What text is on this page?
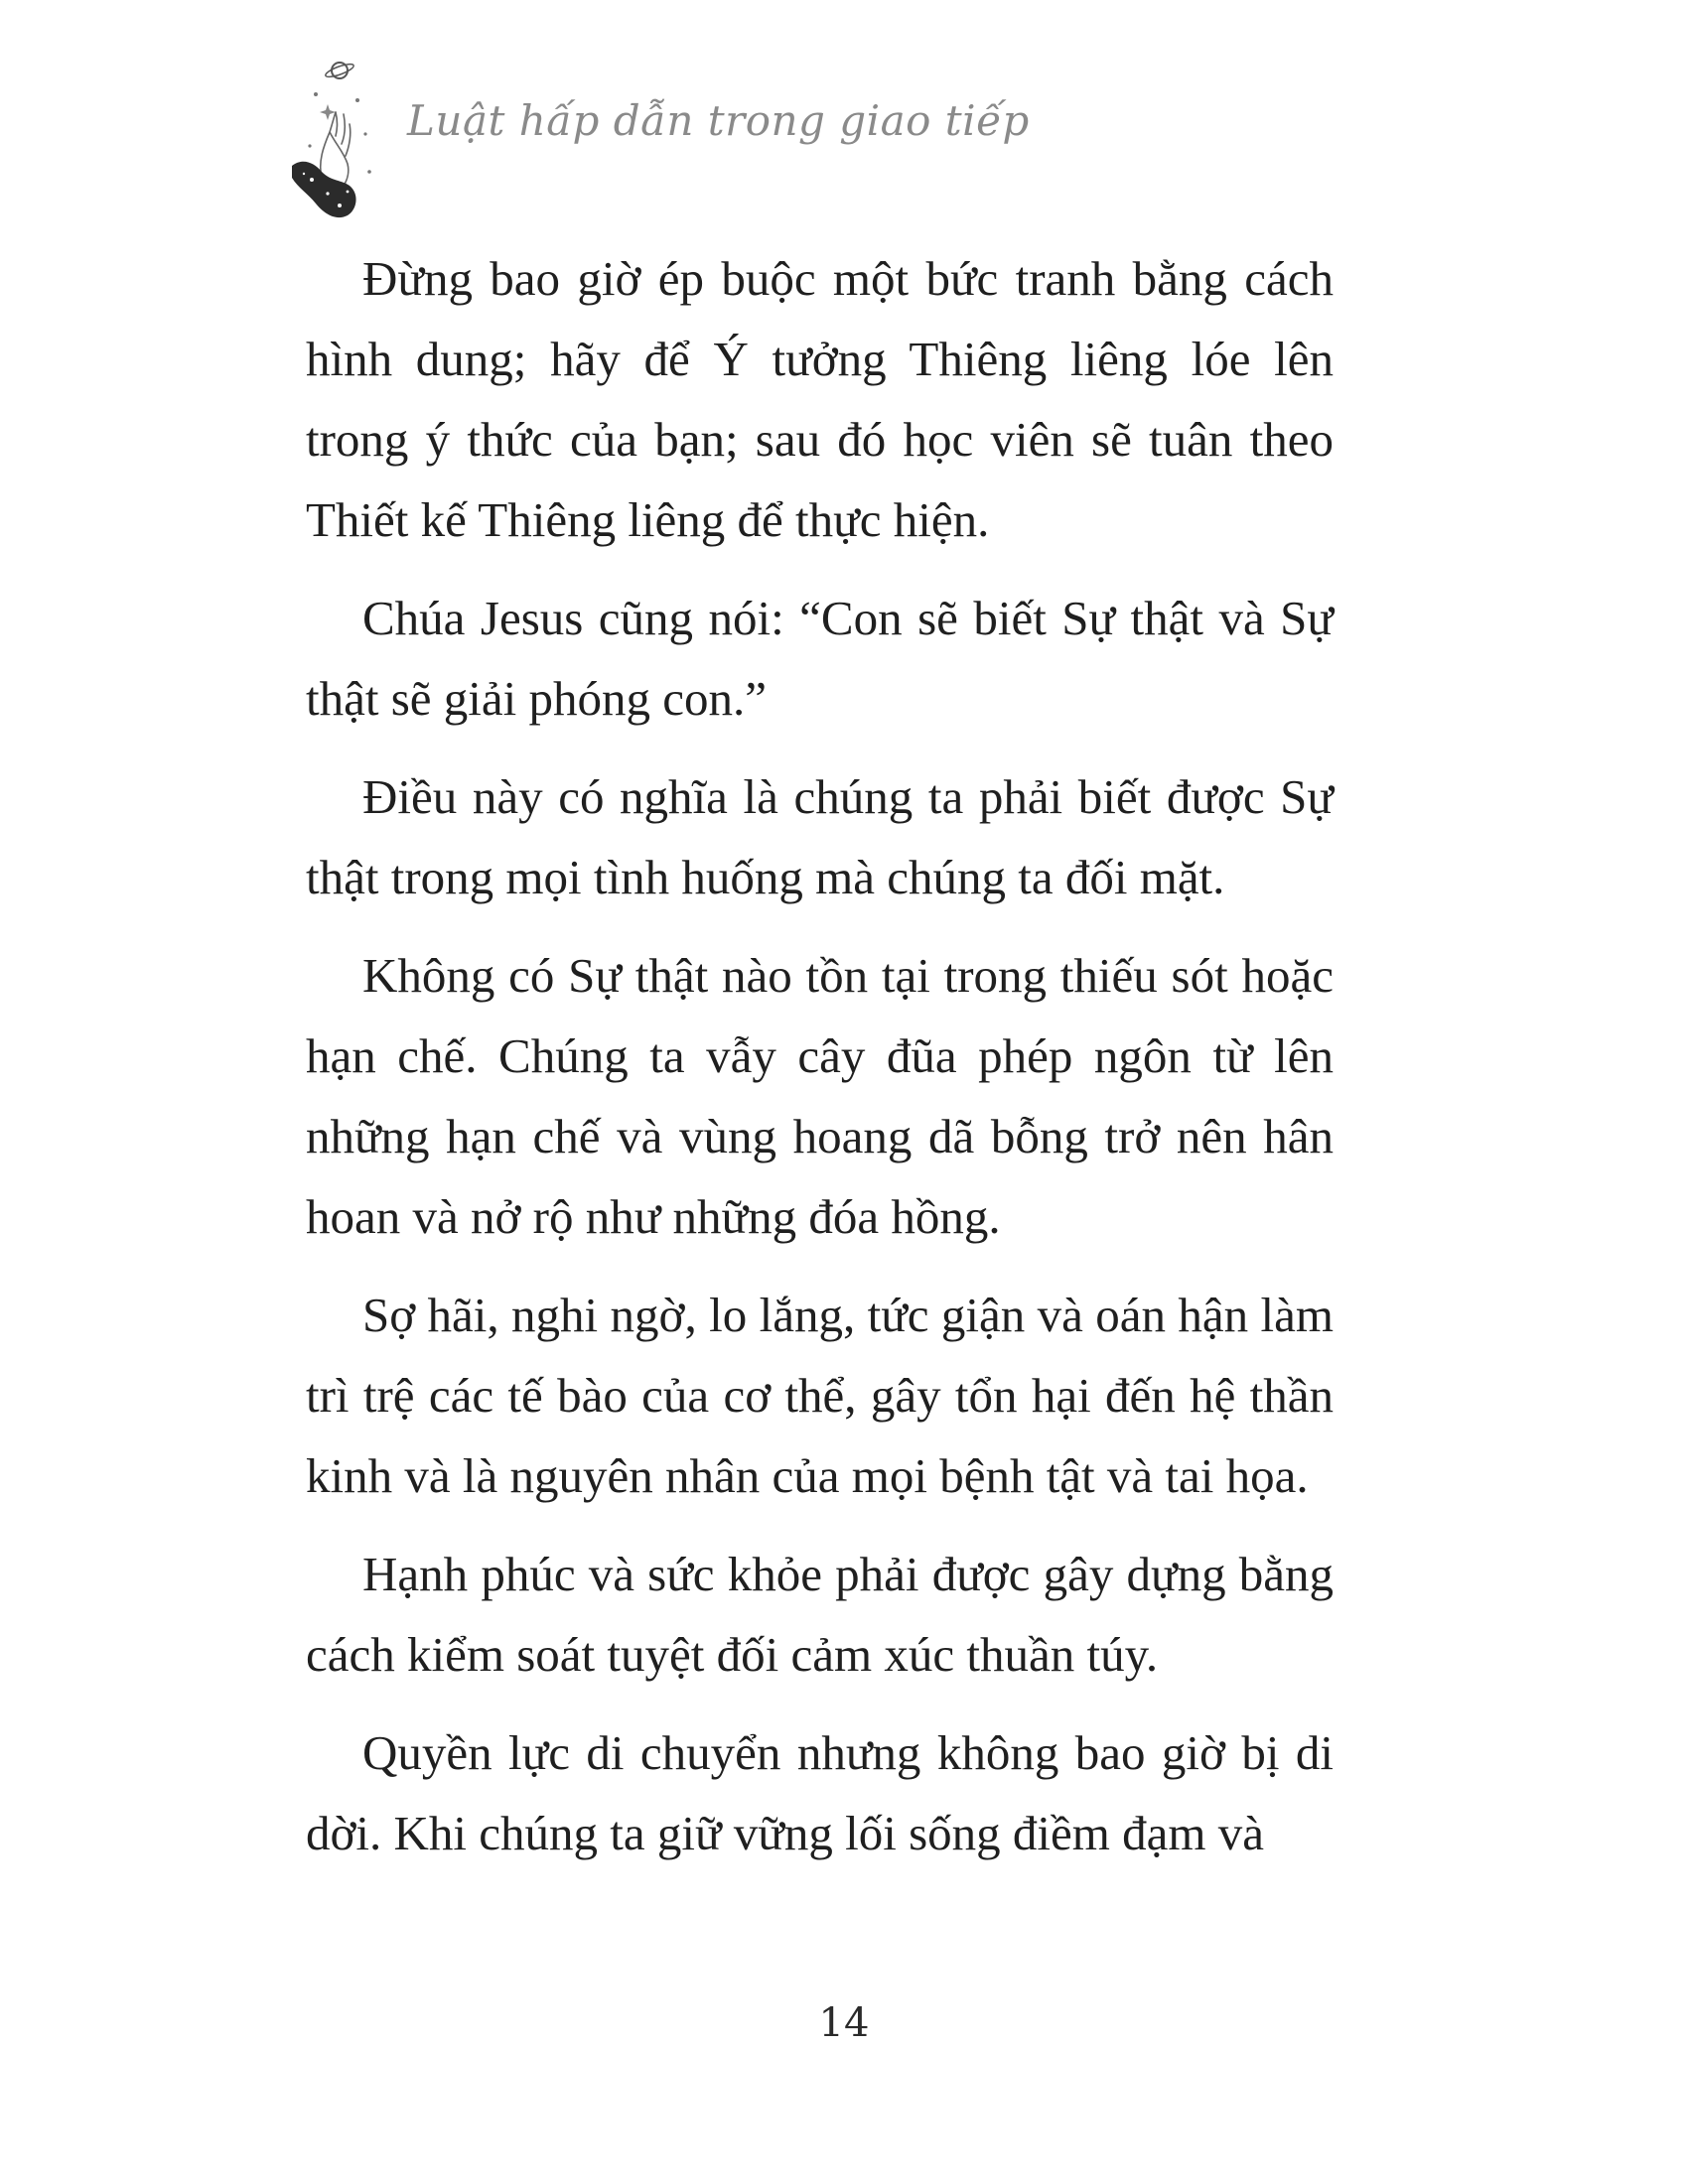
Luật hấp dẫn trong giao tiếp

Đừng bao giờ ép buộc một bức tranh bằng cách hình dung; hãy để Ý tưởng Thiêng liêng lóe lên trong ý thức của bạn; sau đó học viên sẽ tuân theo Thiết kế Thiêng liêng để thực hiện.

Chúa Jesus cũng nói: “Con sẽ biết Sự thật và Sự thật sẽ giải phóng con.”

Điều này có nghĩa là chúng ta phải biết được Sự thật trong mọi tình huống mà chúng ta đối mặt.

Không có Sự thật nào tồn tại trong thiếu sót hoặc hạn chế. Chúng ta vẫy cây đũa phép ngôn từ lên những hạn chế và vùng hoang dã bỗng trở nên hân hoan và nở rộ như những đóa hồng.

Sợ hãi, nghi ngờ, lo lắng, tức giận và oán hận làm trì trệ các tế bào của cơ thể, gây tổn hại đến hệ thần kinh và là nguyên nhân của mọi bệnh tật và tai họa.

Hạnh phúc và sức khỏe phải được gây dựng bằng cách kiểm soát tuyệt đối cảm xúc thuần túy.

Quyền lực di chuyển nhưng không bao giờ bị di dời. Khi chúng ta giữ vững lối sống điềm đạm và

14
